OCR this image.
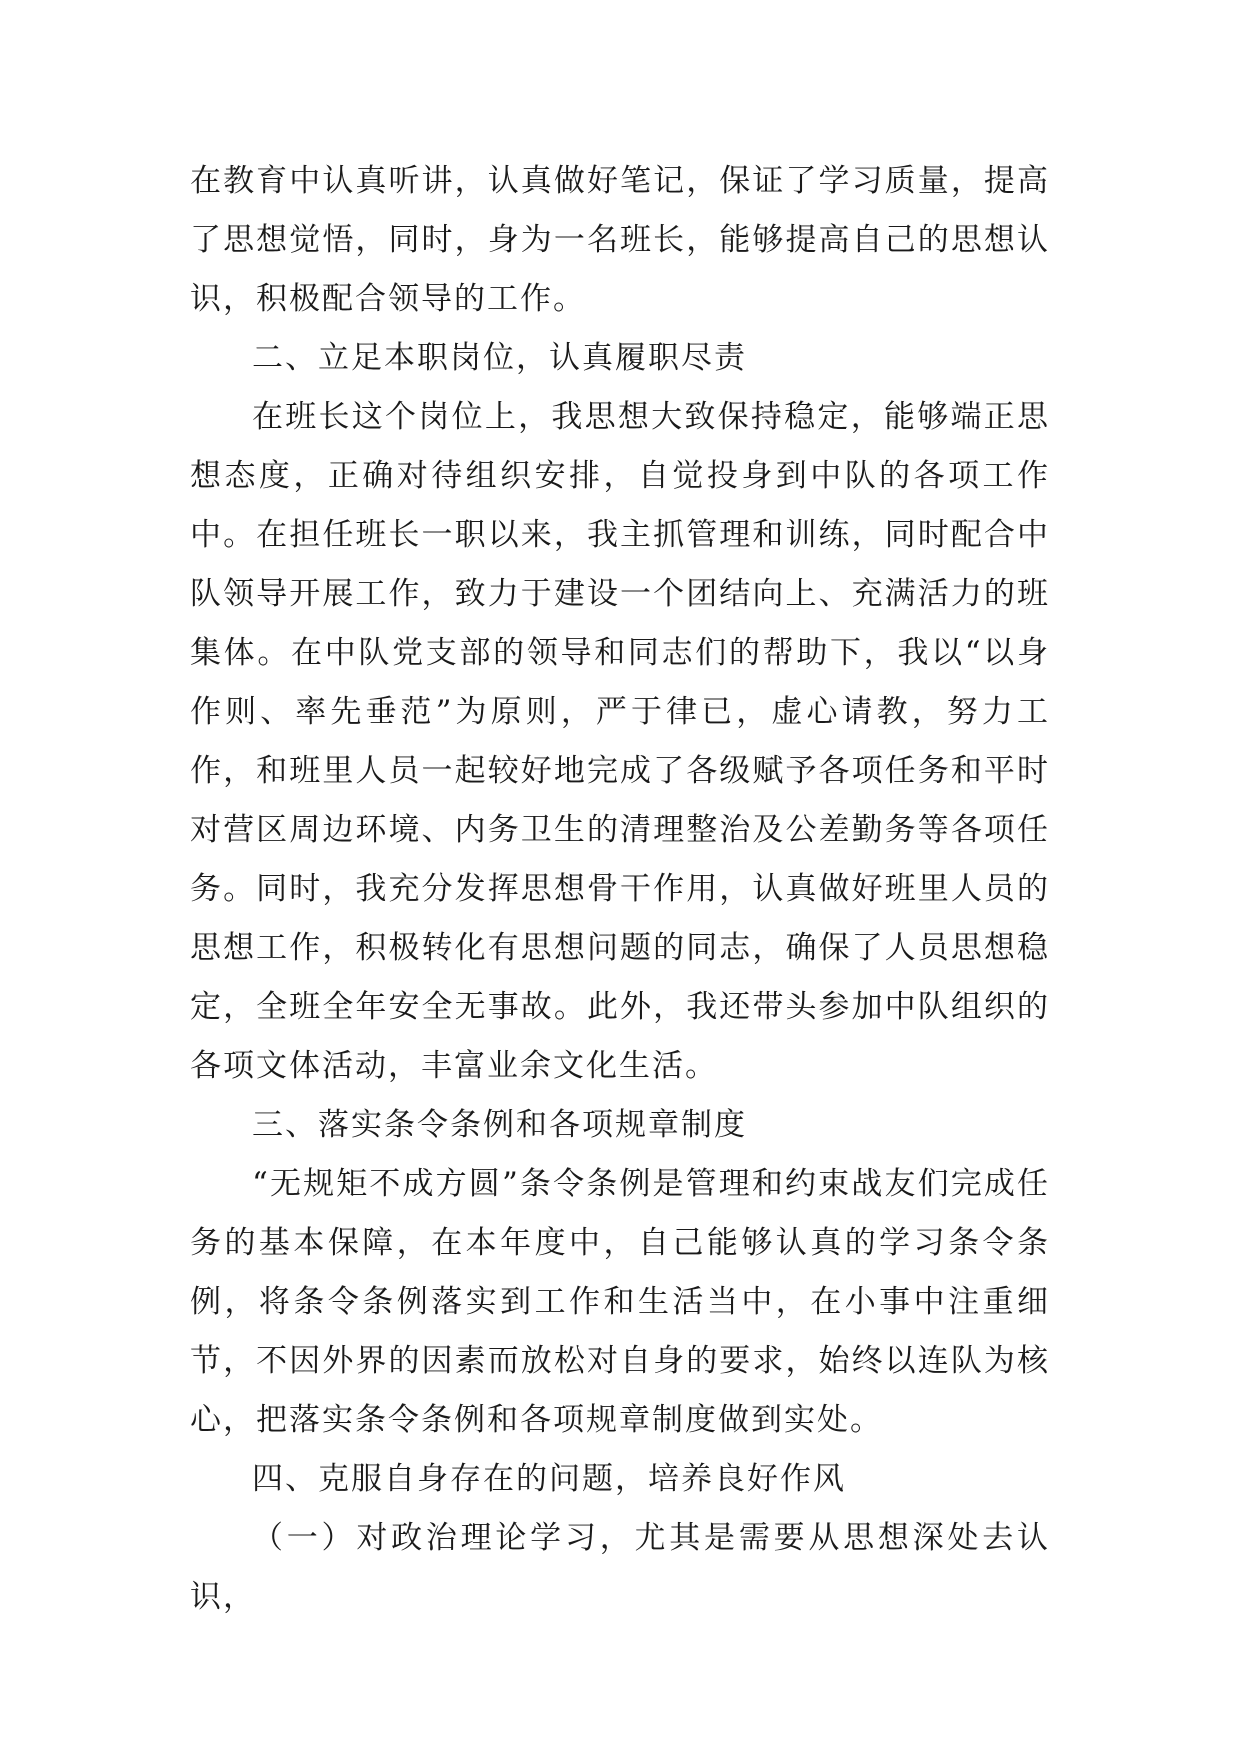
在教育中认真听讲，认真做好笔记，保证了学习质量，提高了思想觉悟，同时，身为一名班长，能够提高自己的思想认识，积极配合领导的工作。

二、立足本职岗位，认真履职尽责

在班长这个岗位上，我思想大致保持稳定，能够端正思想态度，正确对待组织安排，自觉投身到中队的各项工作中。在担任班长一职以来，我主抓管理和训练，同时配合中队领导开展工作，致力于建设一个团结向上、充满活力的班集体。在中队党支部的领导和同志们的帮助下，我以“以身作则、率先垂范”为原则，严于律已，虚心请教，努力工作，和班里人员一起较好地完成了各级赋予各项任务和平时对营区周边环境、内务卫生的清理整治及公差勤务等各项任务。同时，我充分发挥思想骨干作用，认真做好班里人员的思想工作，积极转化有思想问题的同志，确保了人员思想稳定，全班全年安全无事故。此外，我还带头参加中队组织的各项文体活动，丰富业余文化生活。

三、落实条令条例和各项规章制度

“无规矩不成方圆”条令条例是管理和约束战友们完成任务的基本保障，在本年度中，自己能够认真的学习条令条例，将条令条例落实到工作和生活当中，在小事中注重细节，不因外界的因素而放松对自身的要求，始终以连队为核心，把落实条令条例和各项规章制度做到实处。

四、克服自身存在的问题，培养良好作风

（一）对政治理论学习，尤其是需要从思想深处去认识，
